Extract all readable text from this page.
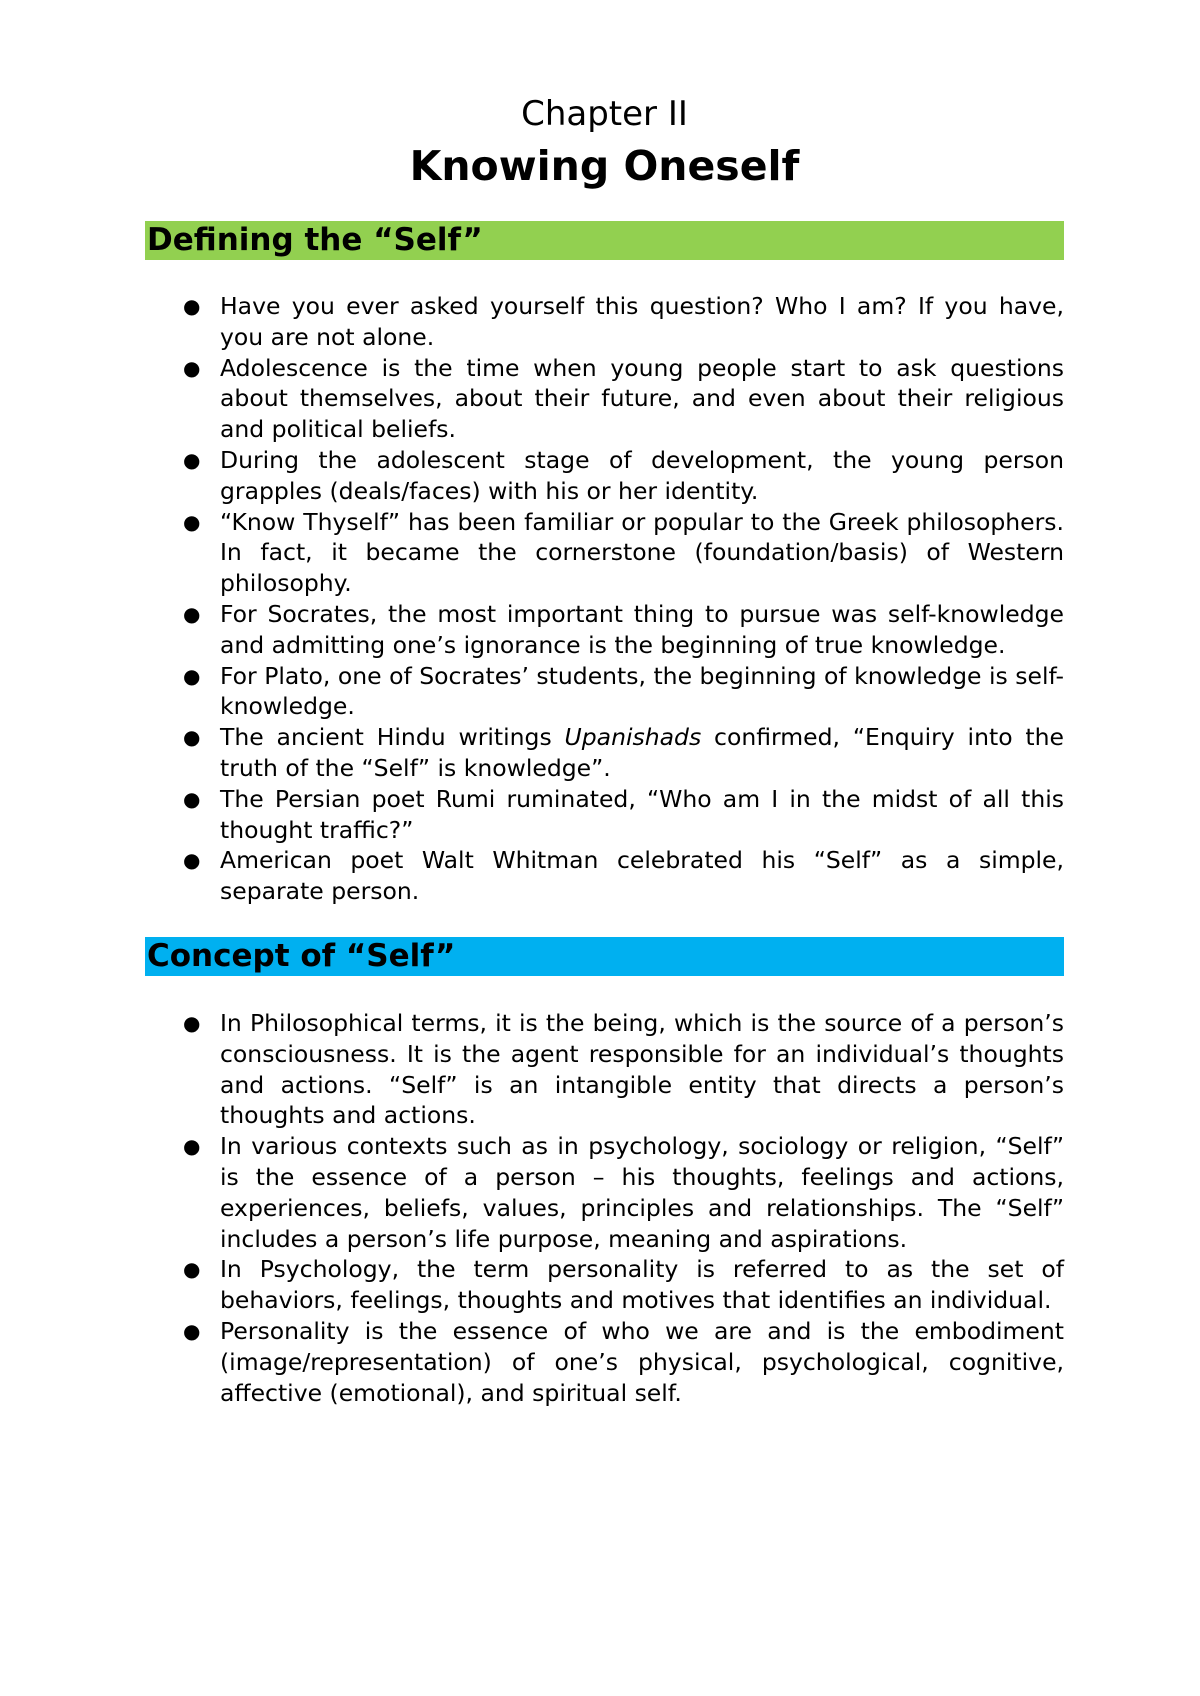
Chapter II

Knowing Oneself
Defining the “Self”
● Have you ever asked yourself this question? Who I am? If you have, you are not alone.
● Adolescence is the time when young people start to ask questions about themselves, about their future, and even about their religious and political beliefs.
● During the adolescent stage of development, the young person grapples (deals/faces) with his or her identity.
● “Know Thyself” has been familiar or popular to the Greek philosophers. In fact, it became the cornerstone (foundation/basis) of Western philosophy.
● For Socrates, the most important thing to pursue was self-knowledge and admitting one’s ignorance is the beginning of true knowledge.
● For Plato, one of Socrates’ students, the beginning of knowledge is self-knowledge.
● The ancient Hindu writings Upanishads confirmed, “Enquiry into the truth of the “Self” is knowledge”.
● The Persian poet Rumi ruminated, “Who am I in the midst of all this thought traffic?”
● American poet Walt Whitman celebrated his “Self” as a simple, separate person.
Concept of “Self”
● In Philosophical terms, it is the being, which is the source of a person’s consciousness. It is the agent responsible for an individual’s thoughts and actions. “Self” is an intangible entity that directs a person’s thoughts and actions.
● In various contexts such as in psychology, sociology or religion, “Self” is the essence of a person – his thoughts, feelings and actions, experiences, beliefs, values, principles and relationships. The “Self” includes a person’s life purpose, meaning and aspirations.
● In Psychology, the term personality is referred to as the set of behaviors, feelings, thoughts and motives that identifies an individual.
● Personality is the essence of who we are and is the embodiment (image/representation) of one’s physical, psychological, cognitive, affective (emotional), and spiritual self.
